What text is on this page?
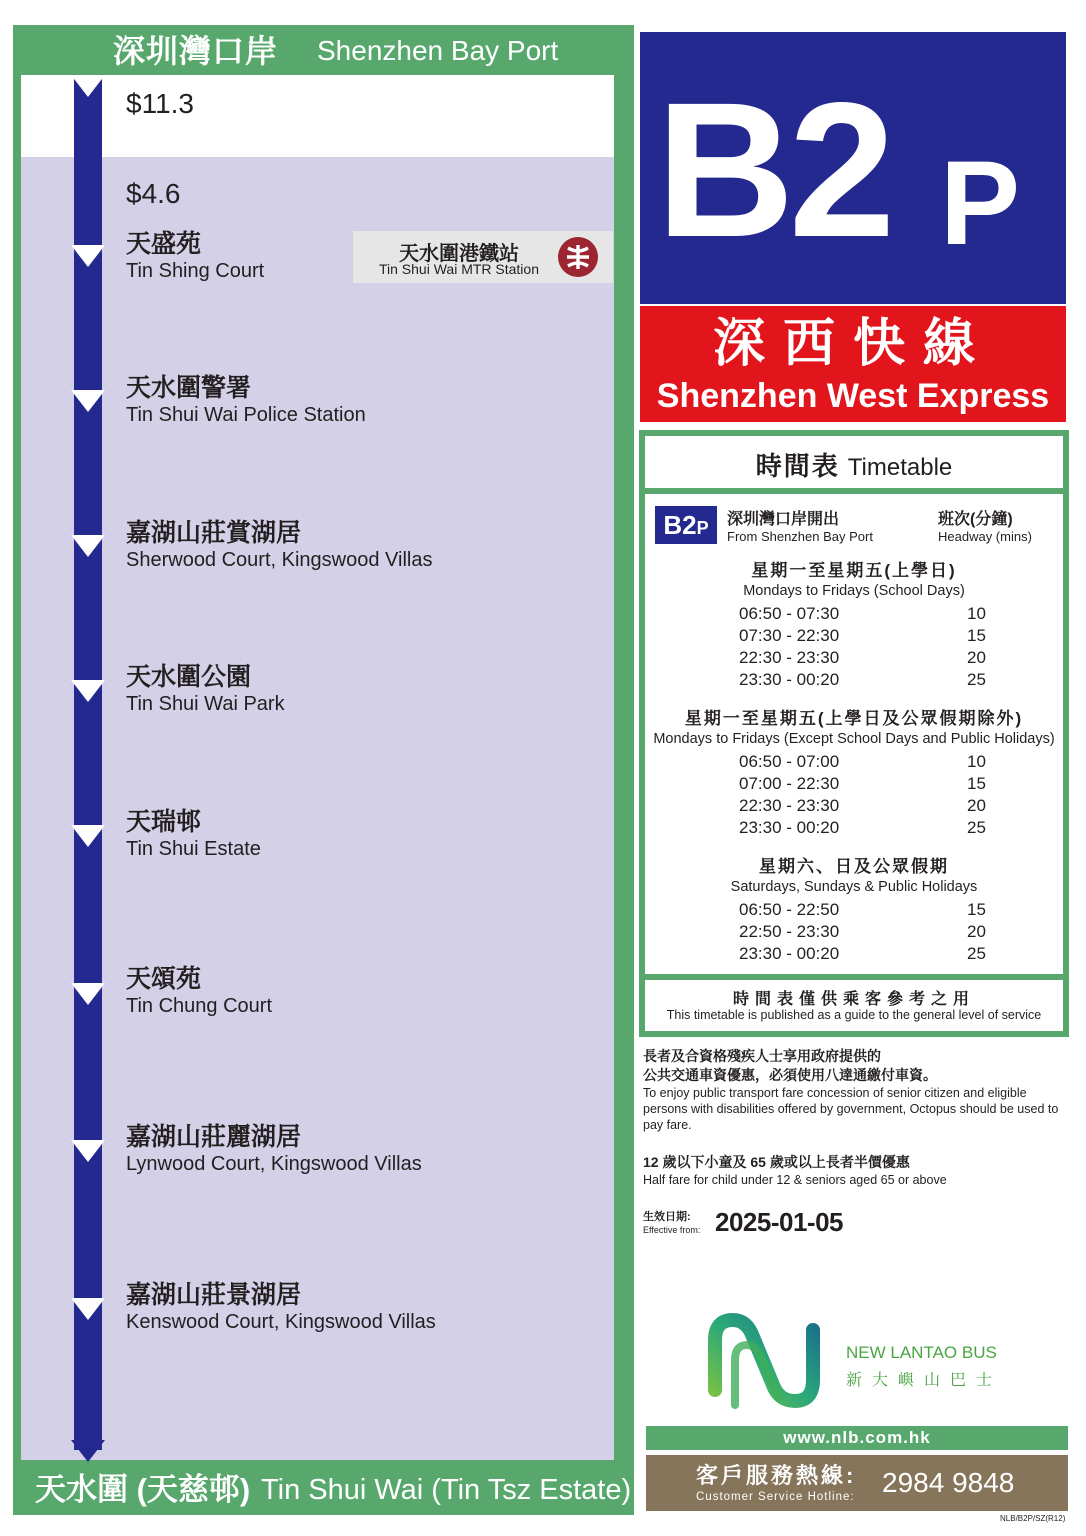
深圳灣口岸 Shenzhen Bay Port
天水圍 (天慈邨) Tin Shui Wai (Tin Tsz Estate)
$11.3
$4.6
天盛苑
Tin Shing Court
天水圍警署
Tin Shui Wai Police Station
嘉湖山莊賞湖居
Sherwood Court, Kingswood Villas
天水圍公園
Tin Shui Wai Park
天瑞邨
Tin Shui Estate
天頌苑
Tin Chung Court
嘉湖山莊麗湖居
Lynwood Court, Kingswood Villas
嘉湖山莊景湖居
Kenswood Court, Kingswood Villas
天水圍港鐵站
Tin Shui Wai MTR Station B2 P
深西快線
Shenzhen West Express
時間表 Timetable
B2P	深圳灣口岸開出
From Shenzhen Bay Port
班次(分鐘)
Headway (mins)
星期一至星期五(上學日)
Mondays to Fridays (School Days)
06:50 - 07:30	10
07:30 - 22:30	15
22:30 - 23:30	20
23:30 - 00:20	25
星期一至星期五(上學日及公眾假期除外)
Mondays to Fridays (Except School Days and Public Holidays)
06:50 - 07:00	10
07:00 - 22:30	15
22:30 - 23:30	20
23:30 - 00:20	25
星期六、日及公眾假期
Saturdays, Sundays & Public Holidays
06:50 - 22:50	15
22:50 - 23:30	20
23:30 - 00:20	25
時間表僅供乘客參考之用
This timetable is published as a guide to the general level of service
長者及合資格殘疾人士享用政府提供的
公共交通車資優惠，必須使用八達通繳付車資。
To enjoy public transport fare concession of senior citizen and eligible persons with disabilities offered by government, Octopus should be used to pay fare.
12 歲以下小童及 65 歲或以上長者半價優惠
Half fare for child under 12 & seniors aged 65 or above
生效日期:
Effective from: 2025-01-05
NEW LANTAO BUS
新大嶼山巴士
www.nlb.com.hk
客戶服務熱線:
Customer Service Hotline: 2984 9848
NLB/B2P/SZ(R12)
